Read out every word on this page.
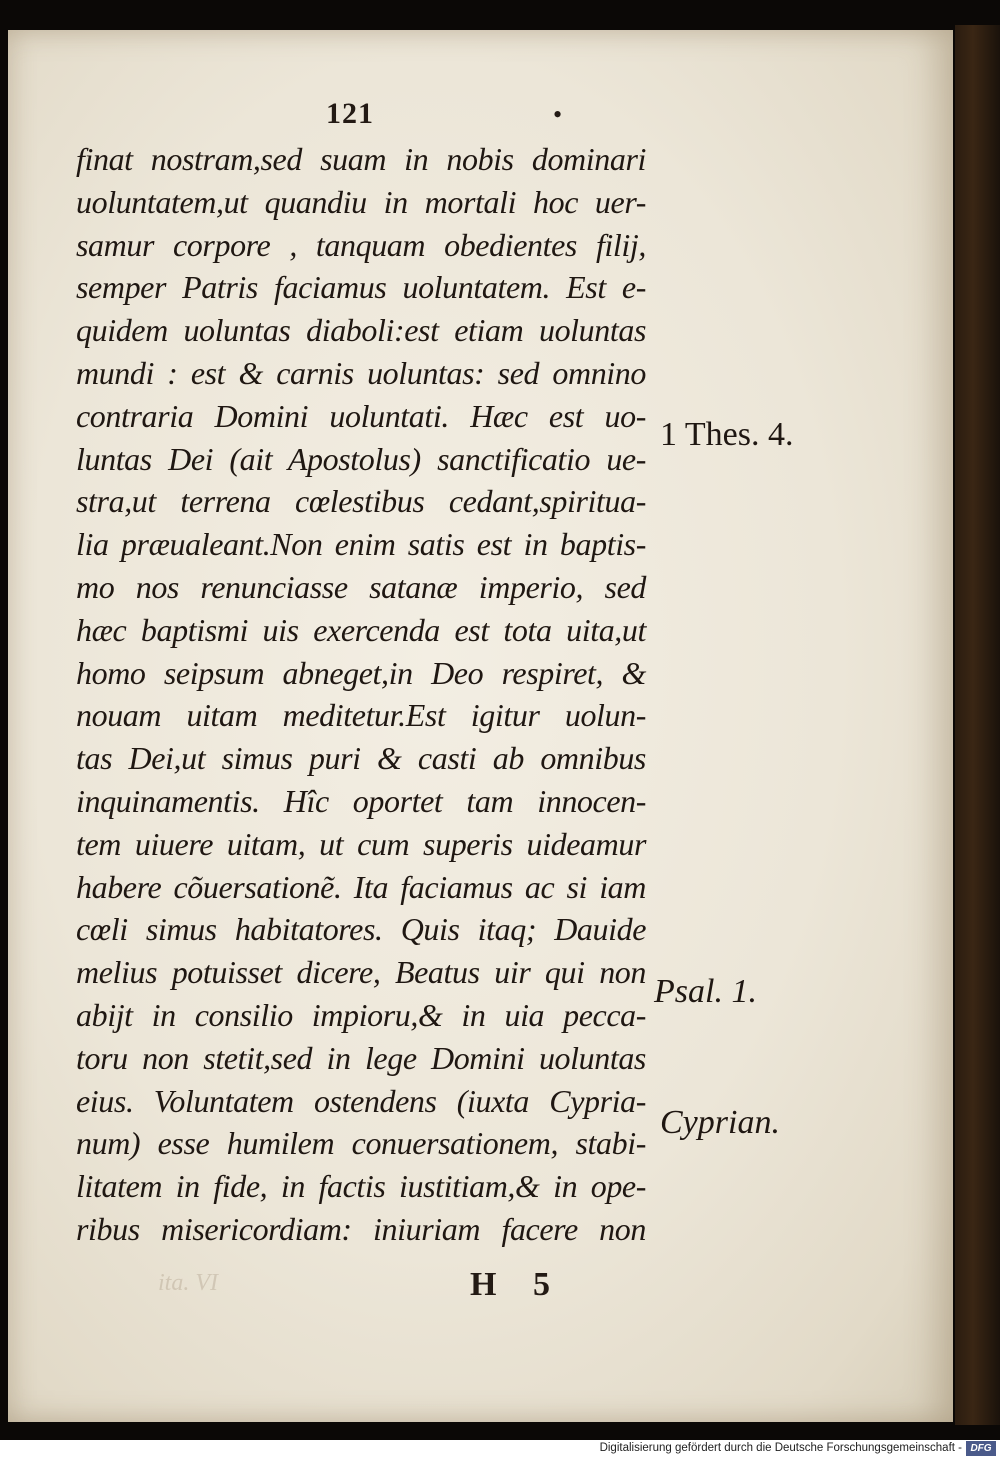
121	•
finat nostram,sed suam in nobis dominari
uoluntatem,ut quandiu in mortali hoc uer-
samur corpore , tanquam obedientes filij,
semper Patris faciamus uoluntatem. Est e-
quidem uoluntas diaboli:est etiam uoluntas
mundi : est & carnis uoluntas: sed omnino
contraria Domini uoluntati. Hæc est uo-
luntas Dei (ait Apostolus) sanctificatio ue-
stra,ut terrena cœlestibus cedant,spiritua-
lia præualeant.Non enim satis est in baptis-
mo nos renunciasse satanæ imperio, sed
hæc baptismi uis exercenda est tota uita,ut
homo seipsum abneget,in Deo respiret, &
nouam uitam meditetur.Est igitur uolun-
tas Dei,ut simus puri & casti ab omnibus
inquinamentis. Hîc oportet tam innocen-
tem uiuere uitam, ut cum superis uideamur
habere cõuersationẽ. Ita faciamus ac si iam
cœli simus habitatores. Quis itaq; Dauide
melius potuisset dicere, Beatus uir qui non
abijt in consilio impioru,& in uia pecca-
toru non stetit,sed in lege Domini uoluntas
eius. Voluntatem ostendens (iuxta Cypria-
num) esse humilem conuersationem, stabi-
litatem in fide, in factis iustitiam,& in ope-
ribus misericordiam: iniuriam facere non
1 Thes. 4.
Psal. 1.
Cyprian.
ita. VI	H 5
Digitalisierung gefördert durch die Deutsche Forschungsgemeinschaft - DFG
